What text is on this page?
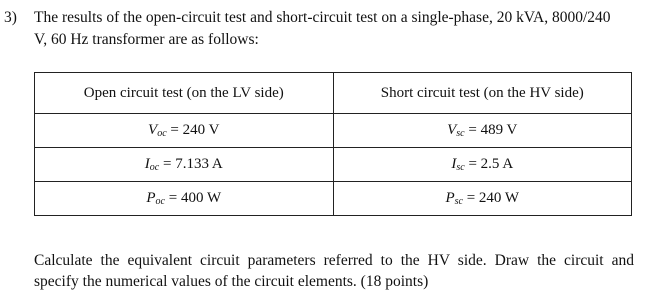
3) The results of the open-circuit test and short-circuit test on a single-phase, 20 kVA, 8000/240
V, 60 Hz transformer are as follows:
Open circuit test (on the LV side)	Short circuit test (on the HV side)
$V_{oc} = 240$ V	$V_{sc} = 489$ V
$I_{oc} = 7.133$ A	$I_{sc} = 2.5$ A
$P_{oc} = 400$ W	$P_{sc} = 240$ W
Calculate the equivalent circuit parameters referred to the HV side. Draw the circuit and
specify the numerical values of the circuit elements. (18 points)
